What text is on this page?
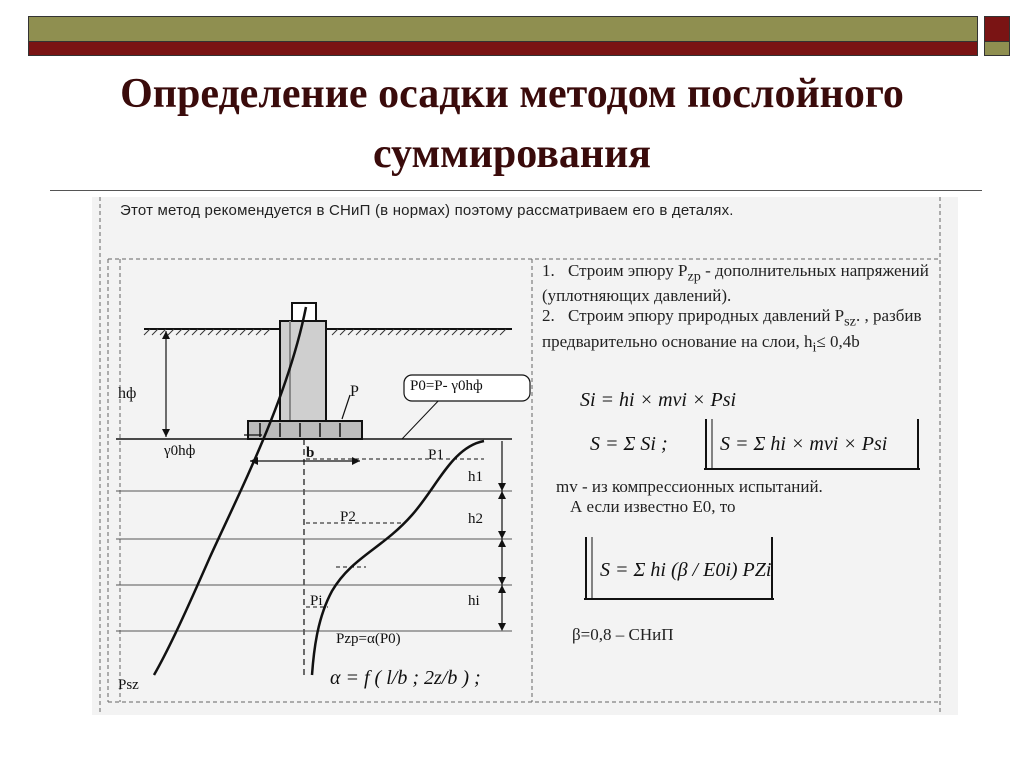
Определение осадки методом послойного
суммирования
Этот метод рекомендуется в СНиП (в нормах) поэтому рассматриваем его в деталях.
1. Строим эпюру $P_{zp}$ - дополнительных напряжений (уплотняющих давлений).
2. Строим эпюру природных давлений $P_{sz}$. , разбив предварительно основание на слои, $h_i\le 0,4b$
hф	P	P0=P- γ0hф
γ0hф	b	P1
P2
Pi
h1
h2
hi
Pzp=α(P0)
Psz
Si = hi × mvi × Psi
S = Σ Si ;	S = Σ hi × mvi × Psi
mv - из компрессионных испытаний.
А если известно E0, то
S = Σ hi (β / E0i) PZi
β=0,8 – СНиП
α = f ( l/b ; 2z/b ) ;
